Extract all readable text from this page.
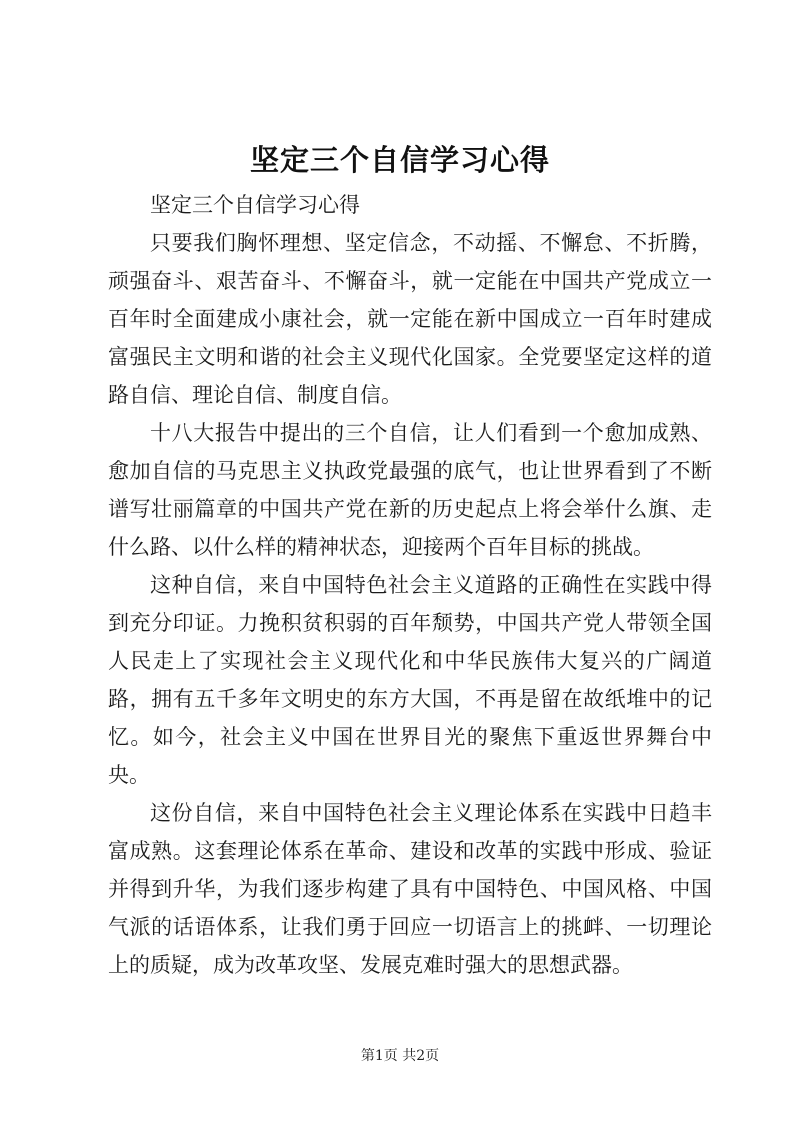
坚定三个自信学习心得

坚定三个自信学习心得

只要我们胸怀理想、坚定信念，不动摇、不懈怠、不折腾，顽强奋斗、艰苦奋斗、不懈奋斗，就一定能在中国共产党成立一百年时全面建成小康社会，就一定能在新中国成立一百年时建成富强民主文明和谐的社会主义现代化国家。全党要坚定这样的道路自信、理论自信、制度自信。

十八大报告中提出的三个自信，让人们看到一个愈加成熟、愈加自信的马克思主义执政党最强的底气，也让世界看到了不断谱写壮丽篇章的中国共产党在新的历史起点上将会举什么旗、走什么路、以什么样的精神状态，迎接两个百年目标的挑战。

这种自信，来自中国特色社会主义道路的正确性在实践中得到充分印证。力挽积贫积弱的百年颓势，中国共产党人带领全国人民走上了实现社会主义现代化和中华民族伟大复兴的广阔道路，拥有五千多年文明史的东方大国，不再是留在故纸堆中的记忆。如今，社会主义中国在世界目光的聚焦下重返世界舞台中央。

这份自信，来自中国特色社会主义理论体系在实践中日趋丰富成熟。这套理论体系在革命、建设和改革的实践中形成、验证并得到升华，为我们逐步构建了具有中国特色、中国风格、中国气派的话语体系，让我们勇于回应一切语言上的挑衅、一切理论上的质疑，成为改革攻坚、发展克难时强大的思想武器。

第1页 共2页
